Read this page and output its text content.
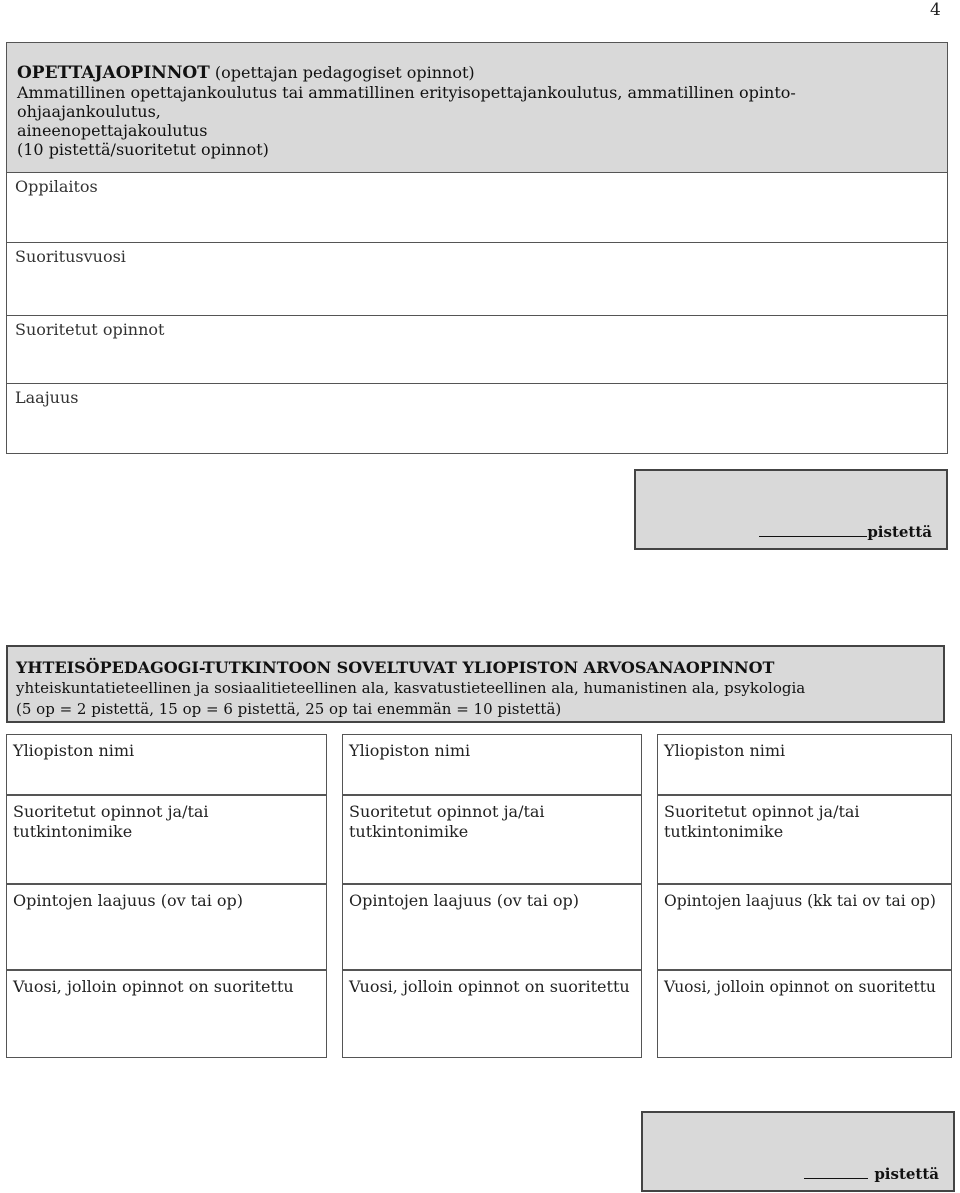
4
OPETTAJAOPINNOT (opettajan pedagogiset opinnot)
Ammatillinen opettajankoulutus tai ammatillinen erityisopettajankoulutus, ammatillinen opinto-ohjaajankoulutus,
aineenopettajakoulutus
(10 pistettä/suoritetut opinnot)
Oppilaitos
Suoritusvuosi
Suoritetut opinnot
Laajuus
pistettä
YHTEISÖPEDAGOGI-TUTKINTOON SOVELTUVAT YLIOPISTON ARVOSANAOPINNOT
yhteiskuntatieteellinen ja sosiaalitieteellinen ala, kasvatustieteellinen ala, humanistinen ala, psykologia
(5 op = 2 pistettä, 15 op = 6 pistettä, 25 op tai enemmän = 10 pistettä)
Yliopiston nimi
Suoritetut opinnot ja/tai
tutkintonimike
Opintojen laajuus (ov tai op)
Vuosi, jolloin opinnot on suoritettu
Yliopiston nimi
Suoritetut opinnot ja/tai
tutkintonimike
Opintojen laajuus (ov tai op)
Vuosi, jolloin opinnot on suoritettu
Yliopiston nimi
Suoritetut opinnot ja/tai
tutkintonimike
Opintojen laajuus (kk tai ov tai op)
Vuosi, jolloin opinnot on suoritettu
pistettä
